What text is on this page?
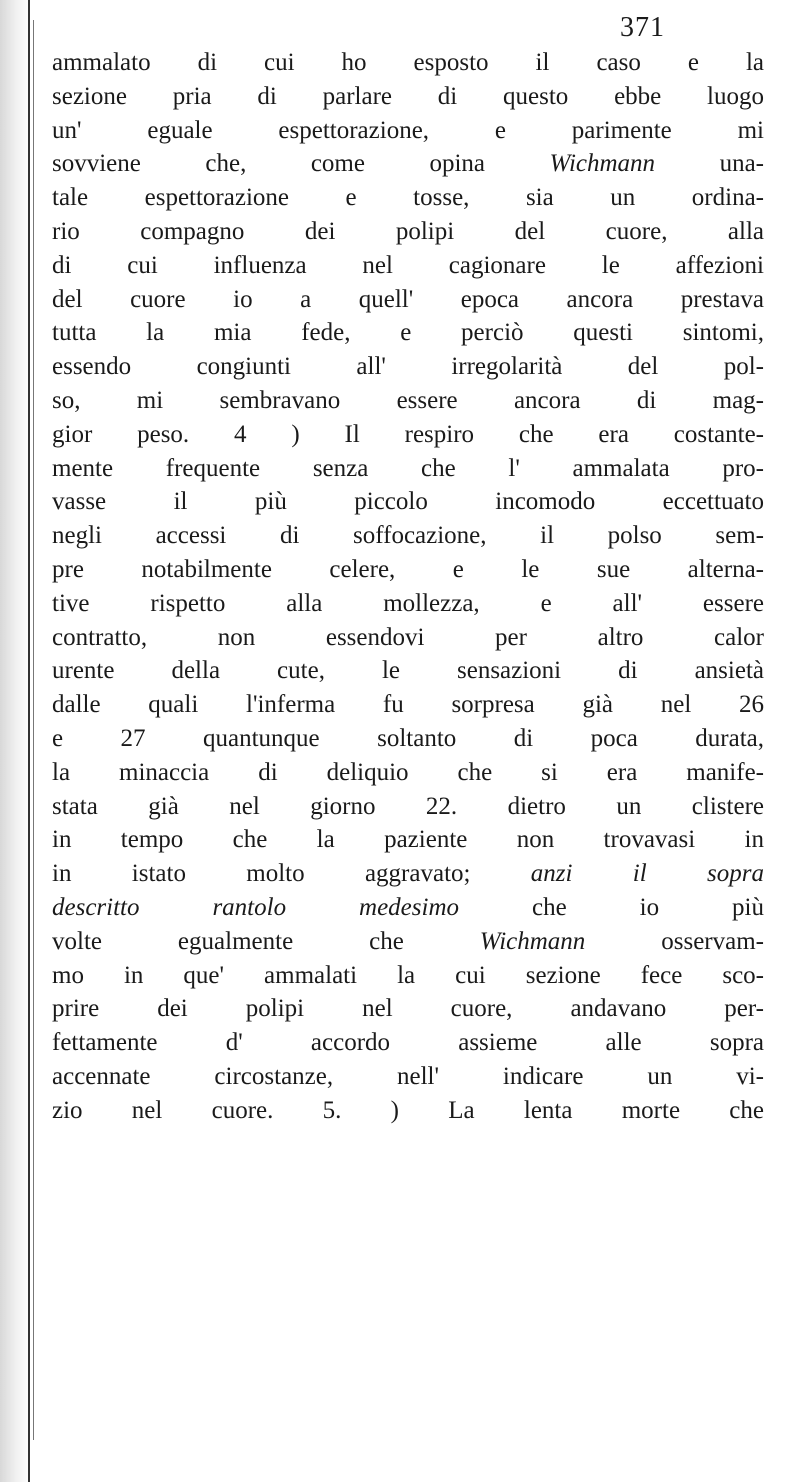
371
ammalato di cui ho esposto il caso e la
sezione pria di parlare di questo ebbe luogo
un' eguale espettorazione, e parimente mi
sovviene che, come opina Wichmann una-
tale espettorazione e tosse, sia un ordina-
rio compagno dei polipi del cuore, alla
di cui influenza nel cagionare le affezioni
del cuore io a quell' epoca ancora prestava
tutta la mia fede, e perciò questi sintomi,
essendo congiunti all' irregolarità del pol-
so, mi sembravano essere ancora di mag-
gior peso. 4 ) Il respiro che era costante-
mente frequente senza che l' ammalata pro-
vasse il più piccolo incomodo eccettuato
negli accessi di soffocazione, il polso sem-
pre notabilmente celere, e le sue alterna-
tive rispetto alla mollezza, e all' essere
contratto, non essendovi per altro calor
urente della cute, le sensazioni di ansietà
dalle quali l'inferma fu sorpresa già nel 26
e 27 quantunque soltanto di poca durata,
la minaccia di deliquio che si era manife-
stata già nel giorno 22. dietro un clistere
in tempo che la paziente non trovavasi in
in istato molto aggravato; anzi il sopra
descritto rantolo medesimo che io più
volte egualmente che Wichmann osservam-
mo in que' ammalati la cui sezione fece sco-
prire dei polipi nel cuore, andavano per-
fettamente d' accordo assieme alle sopra
accennate circostanze, nell' indicare un vi-
zio nel cuore. 5. ) La lenta morte che
